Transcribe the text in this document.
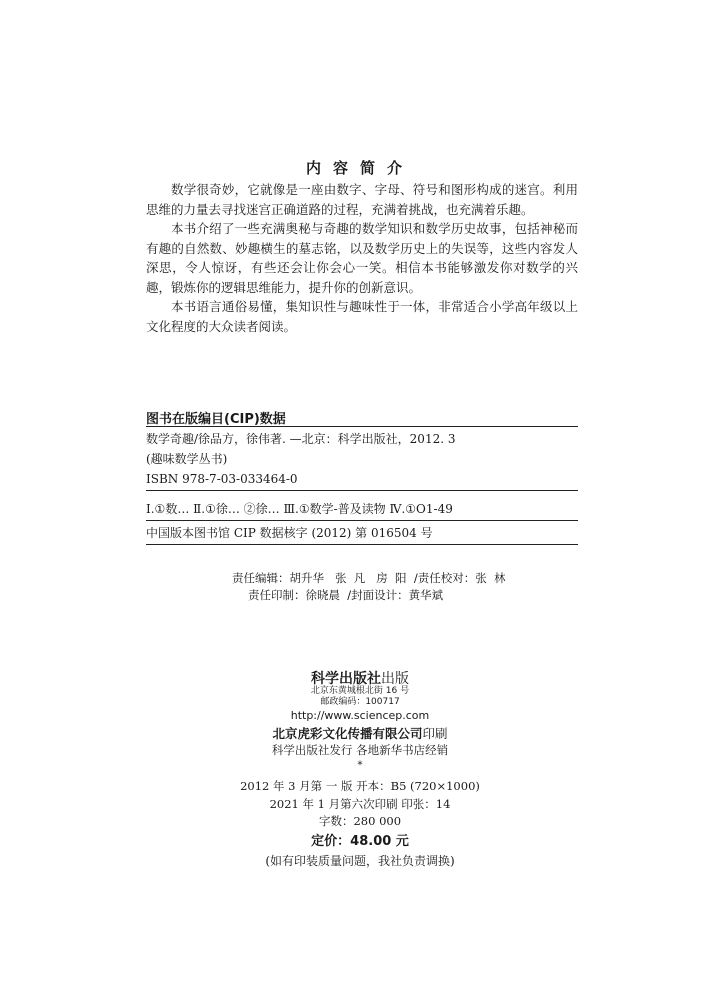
内容简介

数学很奇妙，它就像是一座由数字、字母、符号和图形构成的迷宫。利用思维的力量去寻找迷宫正确道路的过程，充满着挑战，也充满着乐趣。

本书介绍了一些充满奥秘与奇趣的数学知识和数学历史故事，包括神秘而有趣的自然数、妙趣横生的墓志铭，以及数学历史上的失误等，这些内容发人深思，令人惊讶，有些还会让你会心一笑。相信本书能够激发你对数学的兴趣，锻炼你的逻辑思维能力，提升你的创新意识。

本书语言通俗易懂，集知识性与趣味性于一体，非常适合小学高年级以上文化程度的大众读者阅读。

图书在版编目(CIP)数据
数学奇趣/徐品方，徐伟著. —北京：科学出版社，2012. 3
(趣味数学丛书)
ISBN 978-7-03-033464-0
Ⅰ.①数… Ⅱ.①徐… ②徐… Ⅲ.①数学-普及读物 Ⅳ.①O1-49
中国版本图书馆 CIP 数据核字 (2012) 第 016504 号
责任编辑：胡升华   张  凡   房  阳  /责任校对：张  林
责任印制：徐晓晨  /封面设计：黄华斌
科学出版社出版
北京东黄城根北街 16 号
邮政编码：100717
http://www.sciencep.com
北京虎彩文化传播有限公司印刷
科学出版社发行 各地新华书店经销
*
2012 年 3 月第 一 版 开本：B5 (720×1000)
2021 年 1 月第六次印刷 印张：14
字数：280 000
定价：48.00 元
(如有印装质量问题，我社负责调换)
